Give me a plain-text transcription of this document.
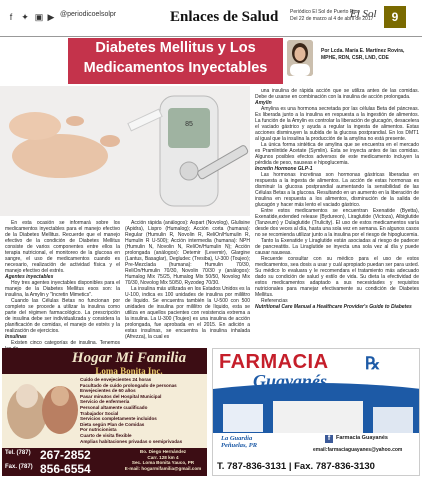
f ✦ ▣ ▶ @periodicoelsolpr	Enlaces de Salud Periódico El Sol de Puerto Rico
Del 22 de marzo al 4 de abril de 2017
El Sol	9
Diabetes Mellitus y Los
Medicamentos Inyectables
Por Lcda. María E. Martínez Rovira,
MPHE, RDN, CSR, LND, CDE
85

En esta ocasión se informará sobre los medicamentos inyectables para el manejo efectivo de la Diabetes Mellitus. Recuerde que el manejo efectivo de la condición de Diabetes Mellitus consiste de varios componentes entre ellos la terapia nutricional, el monitoreo de la glucosa en sangre, el uso de medicamentos cuando es necesario, realización de actividad física y el manejo efectivo del estrés.

Agentes inyectables

Hoy tres agentes inyectables disponibles para el manejo de la Diabetes Mellitus esos son: la insulina, la Amylin y "Incretin Mimetics".

Cuando las Células Betas no funcionan por completo se procede a utilizar la insulina como parte del régimen farmacológico. La prescripción de insulina debe ser individualizada y considera la planificación de comidas, el manejo de estrés y la realización de ejercicios.

Insulinas

Existen cinco categorías de insulina. Tenemos

Acción rápida (análogos): Aspart (Novolog), Glulisine (Apidra), Lispro (Humalog); Acción corta (humana): Regular (Humulin R, Novolin R, ReliOn/Humulin R, Humulin R U-500); Acción intermedia (humana): NPH (Humulin N, Novolin N, ReliOn/Humulin N); Acción prolongada (análogos): Detemir (Levemir), Glargine (Lantus, Basaglar), Degludec (Tresiba), U-300 (Toujeo); Pre-Mezclada (humana): Humulin 70/30, ReliOn/Humulin 70/30, Novolin 70/30 y (análogos): Humalog Mix 75/25, Humalog Mix 50/50, Novolog Mix 70/30, Novolog Mix 50/50, Ryzodeg 70/30.

La insulina más utilizada en los Estados Unidos es la U-100, indica es 100 unidades de insulina por mililitro de líquido. Se encuentra también la U-500 con 500 unidades de insulina por mililitro de líquido, esta se utiliza en aquellos pacientes con resistencia extrema a la insulina. La U-300 (Toujeo) es una insulina de acción prolongada, fue aprobada en el 2015. En adición a estas insulinas, se encuentra la insulina inhalada (Afrezza), la cual es

una insulina de rápida acción que se utiliza antes de las comidas. Debe de usarse en combinación con la insulina de acción prolongada.

Amylin

Amylina es una hormona secretada por las células Beta del páncreas. Es liberada junto a la insulina en respuesta a la ingestión de alimentos. La función de la Amylin es controlar la liberación de glucagón, desacelera el vaciado gástrico y ayuda a regular la ingesta de alimentos. Estas acciones disminuyen la subida de la glucosa postprandial. En los DMT1 al igual que la insulina la producción de la amylina no está presente.

La única forma sintética de amylina que se encuentra en el mercado es Pramlintide Acetate (Symlin). Esta se inyecta antes de las comidas. Algunos posibles efectos adversos de este medicamento incluyen la pérdida de peso, nauseas e hipoglucemia.

Incretin Hormone GLP-1

Las hormonas incretinas son hormonas gástricas liberadas en respuesta a la ingesta de alimentos. La acción de estas hormonas es disminuir la glucosa postprandial aumentando la sensibilidad de las Células Betas a la glucosa. Resultando en un aumento en la liberación de insulina en respuesta a los alimentos, disminución de la salida de glucagón y hacer más lento el vaciado gástrico.

Entre estos medicamentos se encuentran Exenatide (Byetta), Exenatide,extended release (Bydureon), Liraglutide (Victoza), Albiglutide (Tanzeum) y Dulaglutide (Trulicity). El uso de estos medicamentos varía desde dos veces al día, hasta una sola vez en semana. En algunos casos no se recomienda utilizar junto a la insulina por el riesgo de hipoglucemia.

Tanto la Exenatide y Liraglutide están asociadas al riesgo de padecer de pancreatitis. La Liraglutide se inyecta una sola vez al día y puede causar nauseas.

Recuerde consultar con su médico para el uso de estos medicamentos, sea dosis a usar y cuál apropiado puedan ser para usted. Su médico lo evaluara y le recomendara el tratamiento más adecuado dado su condición de salud y estilo de vida. Su dieta la efectividad de estos medicamentos adaptado a sus necesidades y requisitos nutricionales para manejar efectivamente su condición de Diabetes Mellitus.

Referencias

Nutritional Care Manual a Healthcare Provider's Guide to Diabetes

Hogar Mi Familia
Loma Bonita Inc.
Cuido de envejecientes 24 horas
Facultado de cuido prolongado de personas
Envejecientes de 60 años
Pasar minutos del Hospital Municipal
Servicio de enfermería
Personal altamente cualificado
Trabajador Social
Servicios completamente incluidos
Dieta según Plan de Comidas
Por nutricionista
Cuarto de visita flexible
Amplias habitaciones privadas o semiprivadas
Tel. (787) 267-2852
Fax. (787) 856-6554
Bo. Diego Hernández
Carr. 128 km 4
Sec. Loma Bonita Yauco, PR
E-mail: hogarmifamilia@gmail.com
FARMACIA ℞
Guayanés
La Guardia
Peñuelas, PR
f	Farmacia Guayanés
email:farmaciaguayanes@yahoo.com
T. 787-836-3131 | Fax. 787-836-3130
